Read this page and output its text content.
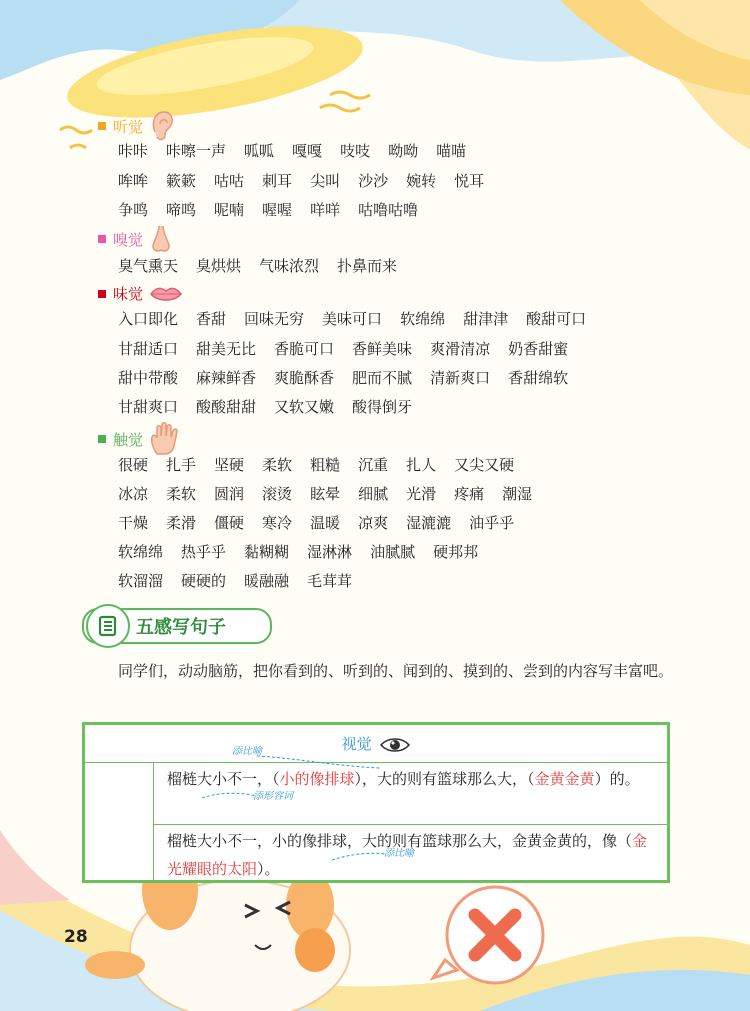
听觉
咔咔 咔嚓一声 呱呱 嘎嘎 吱吱 呦呦 喵喵
哞哞 簌簌 咕咕 刺耳 尖叫 沙沙 婉转 悦耳
争鸣 啼鸣 呢喃 喔喔 咩咩 咕噜咕噜
嗅觉
臭气熏天 臭烘烘 气味浓烈 扑鼻而来
味觉
入口即化 香甜 回味无穷 美味可口 软绵绵 甜津津 酸甜可口
甘甜适口 甜美无比 香脆可口 香鲜美味 爽滑清凉 奶香甜蜜
甜中带酸 麻辣鲜香 爽脆酥香 肥而不腻 清新爽口 香甜绵软
甘甜爽口 酸酸甜甜 又软又嫩 酸得倒牙
触觉
很硬 扎手 坚硬 柔软 粗糙 沉重 扎人 又尖又硬
冰凉 柔软 圆润 滚烫 眩晕 细腻 光滑 疼痛 潮湿
干燥 柔滑 僵硬 寒冷 温暖 凉爽 湿漉漉 油乎乎
软绵绵 热乎乎 黏糊糊 湿淋淋 油腻腻 硬邦邦
软溜溜 硬硬的 暖融融 毛茸茸
五感写句子
同学们，动动脑筋，把你看到的、听到的、闻到的、摸到的、尝到的内容写丰富吧。
视觉
榴梿大小不一，（小的像排球），大的则有篮球那么大，（金黄金黄）的。
榴梿大小不一，小的像排球，大的则有篮球那么大，金黄金黄的，像（金光耀眼的太阳）。
添比喻
添形容词
添比喻
28
